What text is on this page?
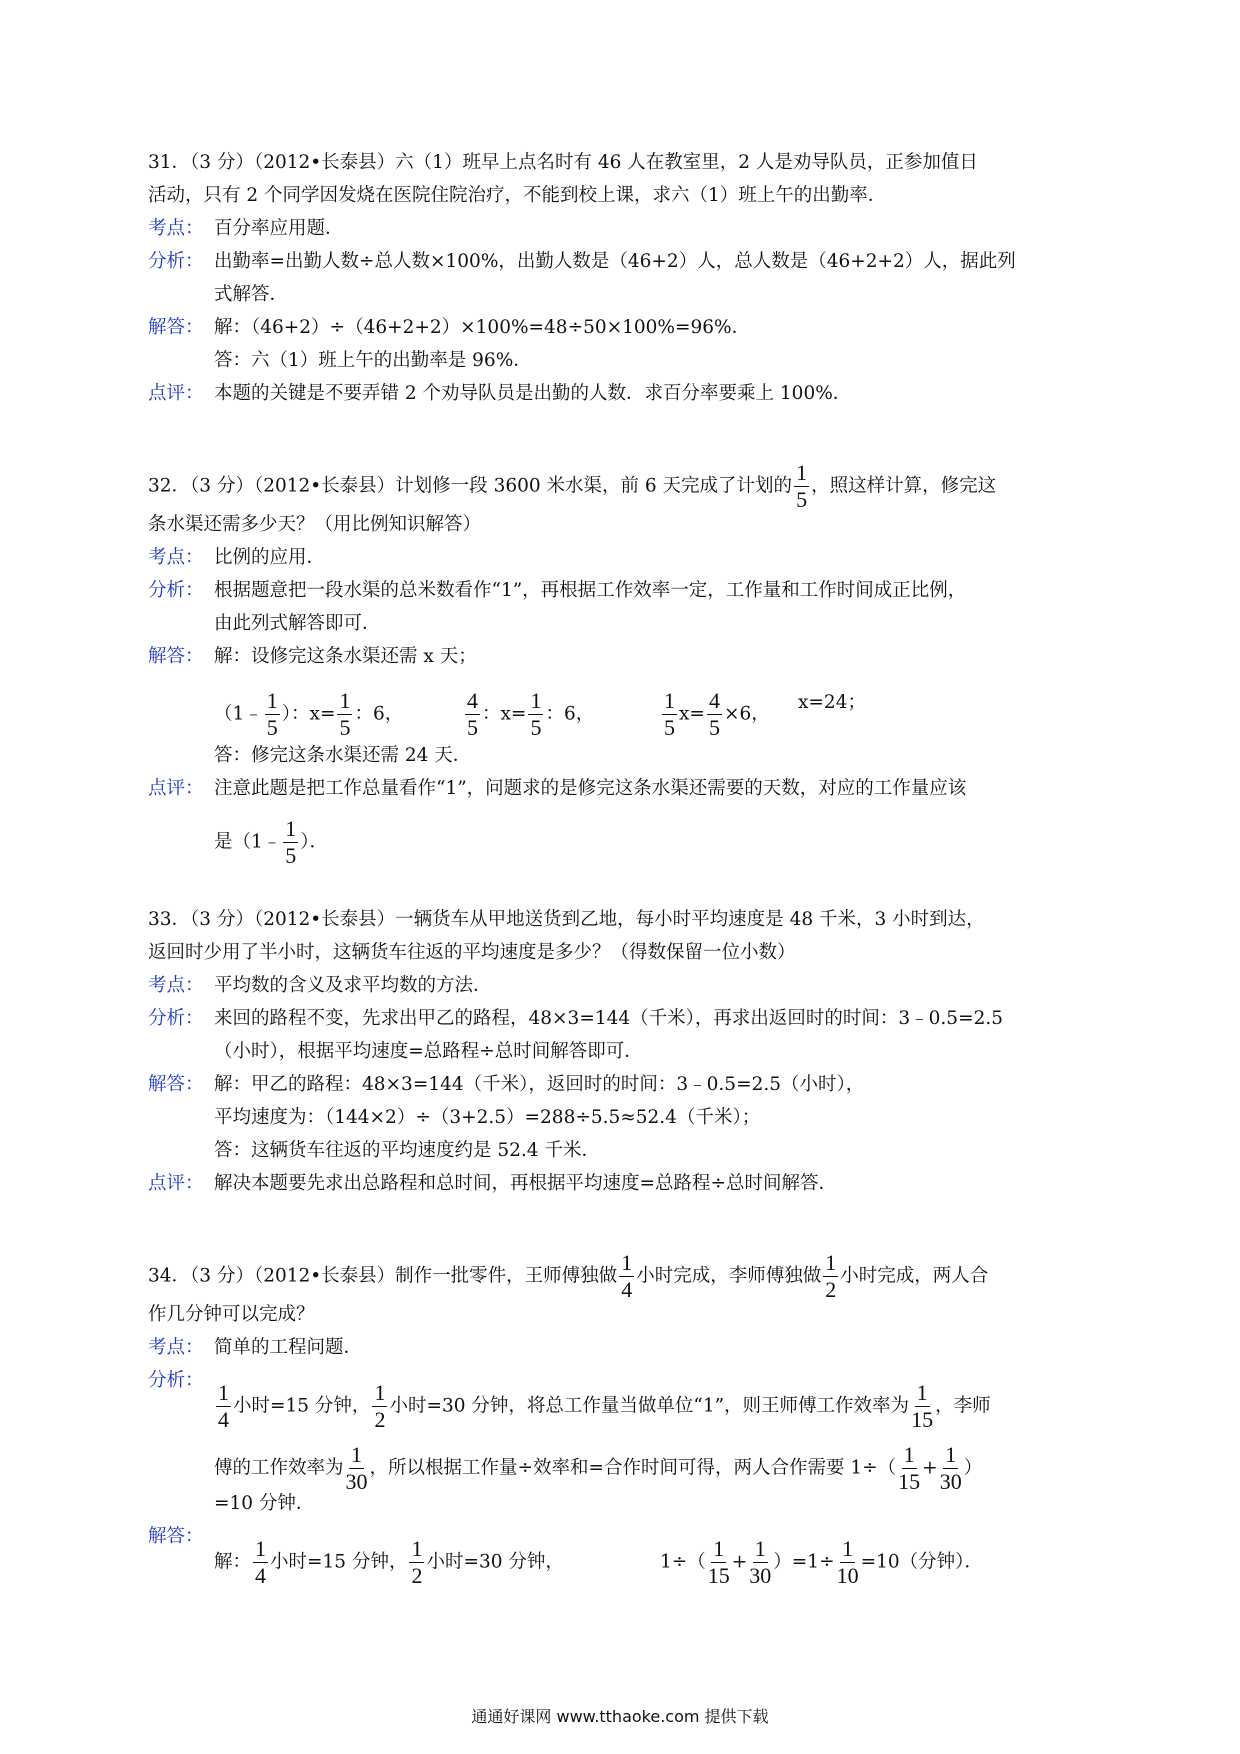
31．（3 分）（2012•长泰县）六（1）班早上点名时有 46 人在教室里，2 人是劝导队员，正参加值日
活动，只有 2 个同学因发烧在医院住院治疗，不能到校上课，求六（1）班上午的出勤率．
考点： 百分率应用题．
分析： 出勤率=出勤人数÷总人数×100%，出勤人数是（46+2）人，总人数是（46+2+2）人，据此列
式解答．
解答： 解：（46+2）÷（46+2+2）×100%=48÷50×100%=96%．
答：六（1）班上午的出勤率是 96%．
点评： 本题的关键是不要弄错 2 个劝导队员是出勤的人数．求百分率要乘上 100%．
32．（3 分）（2012•长泰县）计划修一段 3600 米水渠，前 6 天完成了计划的 $\frac{1}{5}$ ，照这样计算，修完这
条水渠还需多少天？（用比例知识解答）
考点： 比例的应用．
分析： 根据题意把一段水渠的总米数看作“1”，再根据工作效率一定，工作量和工作时间成正比例，
由此列式解答即可．
解答： 解：设修完这条水渠还需 x 天；
（1﹣ $\frac{1}{5}$ ）：$x= \frac{1}{5}$ ：6，	$\frac{4}{5}$ ：$x= \frac{1}{5}$ ：6，	$\frac{1}{5} x= \frac{4}{5} \times 6$，
x=24；
答：修完这条水渠还需 24 天．
点评： 注意此题是把工作总量看作“1”，问题求的是修完这条水渠还需要的天数，对应的工作量应该
是（1﹣ $\frac{1}{5}$ ）．
33．（3 分）（2012•长泰县）一辆货车从甲地送货到乙地，每小时平均速度是 48 千米，3 小时到达，
返回时少用了半小时，这辆货车往返的平均速度是多少？（得数保留一位小数）
考点： 平均数的含义及求平均数的方法．
分析： 来回的路程不变，先求出甲乙的路程，48×3=144（千米），再求出返回时的时间：3﹣0.5=2.5
（小时），根据平均速度=总路程÷总时间解答即可．
解答： 解：甲乙的路程：48×3=144（千米），返回时的时间：3﹣0.5=2.5（小时），
平均速度为：（144×2）÷（3+2.5）=288÷5.5≈52.4（千米）；
答：这辆货车往返的平均速度约是 52.4 千米．
点评： 解决本题要先求出总路程和总时间，再根据平均速度=总路程÷总时间解答．
34．（3 分）（2012•长泰县）制作一批零件，王师傅独做 $\frac{1}{4}$ 小时完成，李师傅独做 $\frac{1}{2}$ 小时完成，两人合
作几分钟可以完成？
考点： 简单的工程问题．
分析：
$\frac{1}{4}$ 小时=15 分钟， $\frac{1}{2}$ 小时=30 分钟，将总工作量当做单位“1”，则王师傅工作效率为 $\frac{1}{15}$ ，李师
傅的工作效率为 $\frac{1}{30}$ ，所以根据工作量÷效率和=合作时间可得，两人合作需要 $1\div( \frac{1}{15} + \frac{1}{30}$ ）
=10 分钟．
解答：
解： $\frac{1}{4}$ 小时=15 分钟， $\frac{1}{2}$ 小时=30 分钟，	$1\div( \frac{1}{15} + \frac{1}{30} )=1\div \frac{1}{10} =10$（分钟）．
通通好课网 www.tthaoke.com 提供下载
